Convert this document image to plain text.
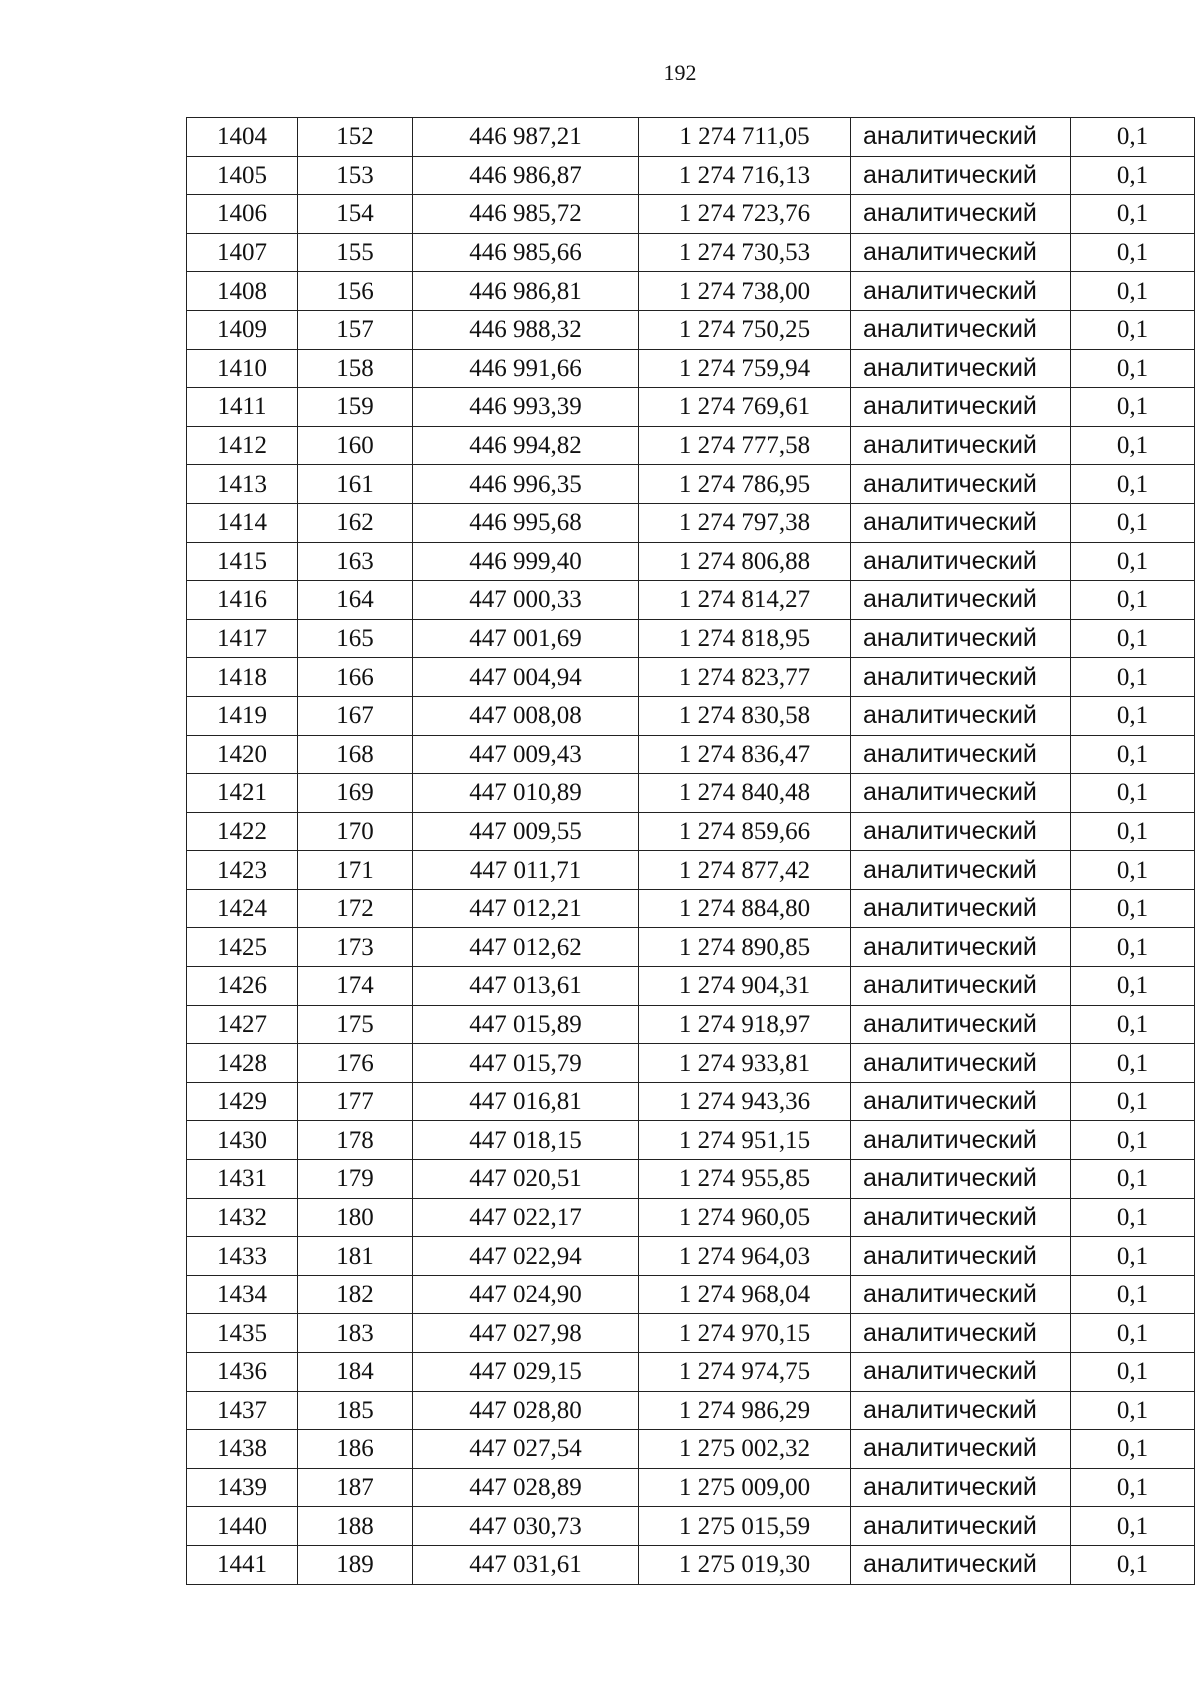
192
1404	152	446 987,21	1 274 711,05	аналитический	0,1
1405	153	446 986,87	1 274 716,13	аналитический	0,1
1406	154	446 985,72	1 274 723,76	аналитический	0,1
1407	155	446 985,66	1 274 730,53	аналитический	0,1
1408	156	446 986,81	1 274 738,00	аналитический	0,1
1409	157	446 988,32	1 274 750,25	аналитический	0,1
1410	158	446 991,66	1 274 759,94	аналитический	0,1
1411	159	446 993,39	1 274 769,61	аналитический	0,1
1412	160	446 994,82	1 274 777,58	аналитический	0,1
1413	161	446 996,35	1 274 786,95	аналитический	0,1
1414	162	446 995,68	1 274 797,38	аналитический	0,1
1415	163	446 999,40	1 274 806,88	аналитический	0,1
1416	164	447 000,33	1 274 814,27	аналитический	0,1
1417	165	447 001,69	1 274 818,95	аналитический	0,1
1418	166	447 004,94	1 274 823,77	аналитический	0,1
1419	167	447 008,08	1 274 830,58	аналитический	0,1
1420	168	447 009,43	1 274 836,47	аналитический	0,1
1421	169	447 010,89	1 274 840,48	аналитический	0,1
1422	170	447 009,55	1 274 859,66	аналитический	0,1
1423	171	447 011,71	1 274 877,42	аналитический	0,1
1424	172	447 012,21	1 274 884,80	аналитический	0,1
1425	173	447 012,62	1 274 890,85	аналитический	0,1
1426	174	447 013,61	1 274 904,31	аналитический	0,1
1427	175	447 015,89	1 274 918,97	аналитический	0,1
1428	176	447 015,79	1 274 933,81	аналитический	0,1
1429	177	447 016,81	1 274 943,36	аналитический	0,1
1430	178	447 018,15	1 274 951,15	аналитический	0,1
1431	179	447 020,51	1 274 955,85	аналитический	0,1
1432	180	447 022,17	1 274 960,05	аналитический	0,1
1433	181	447 022,94	1 274 964,03	аналитический	0,1
1434	182	447 024,90	1 274 968,04	аналитический	0,1
1435	183	447 027,98	1 274 970,15	аналитический	0,1
1436	184	447 029,15	1 274 974,75	аналитический	0,1
1437	185	447 028,80	1 274 986,29	аналитический	0,1
1438	186	447 027,54	1 275 002,32	аналитический	0,1
1439	187	447 028,89	1 275 009,00	аналитический	0,1
1440	188	447 030,73	1 275 015,59	аналитический	0,1
1441	189	447 031,61	1 275 019,30	аналитический	0,1
